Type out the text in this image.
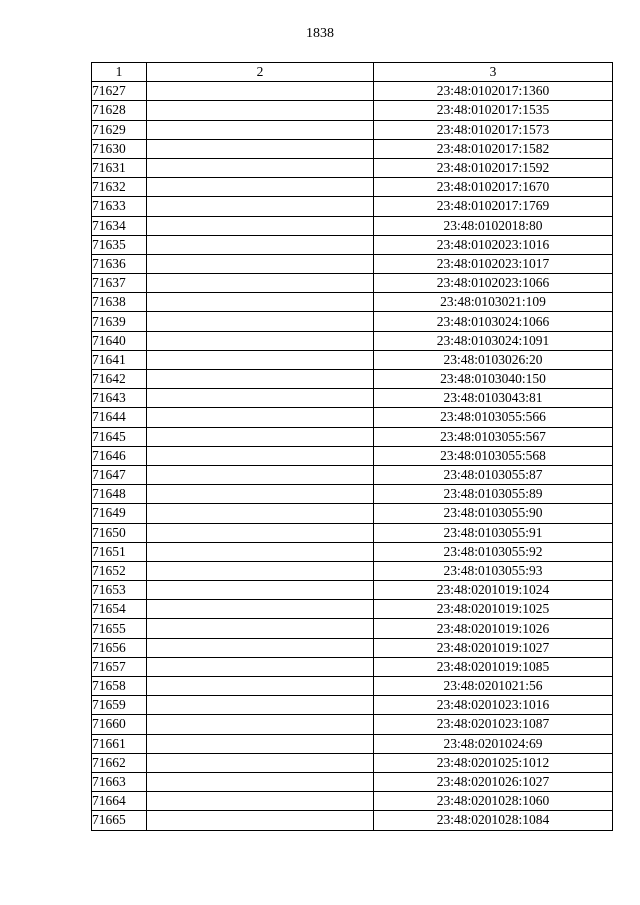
1838
1	2	3
71627		23:48:0102017:1360
71628		23:48:0102017:1535
71629		23:48:0102017:1573
71630		23:48:0102017:1582
71631		23:48:0102017:1592
71632		23:48:0102017:1670
71633		23:48:0102017:1769
71634		23:48:0102018:80
71635		23:48:0102023:1016
71636		23:48:0102023:1017
71637		23:48:0102023:1066
71638		23:48:0103021:109
71639		23:48:0103024:1066
71640		23:48:0103024:1091
71641		23:48:0103026:20
71642		23:48:0103040:150
71643		23:48:0103043:81
71644		23:48:0103055:566
71645		23:48:0103055:567
71646		23:48:0103055:568
71647		23:48:0103055:87
71648		23:48:0103055:89
71649		23:48:0103055:90
71650		23:48:0103055:91
71651		23:48:0103055:92
71652		23:48:0103055:93
71653		23:48:0201019:1024
71654		23:48:0201019:1025
71655		23:48:0201019:1026
71656		23:48:0201019:1027
71657		23:48:0201019:1085
71658		23:48:0201021:56
71659		23:48:0201023:1016
71660		23:48:0201023:1087
71661		23:48:0201024:69
71662		23:48:0201025:1012
71663		23:48:0201026:1027
71664		23:48:0201028:1060
71665		23:48:0201028:1084
